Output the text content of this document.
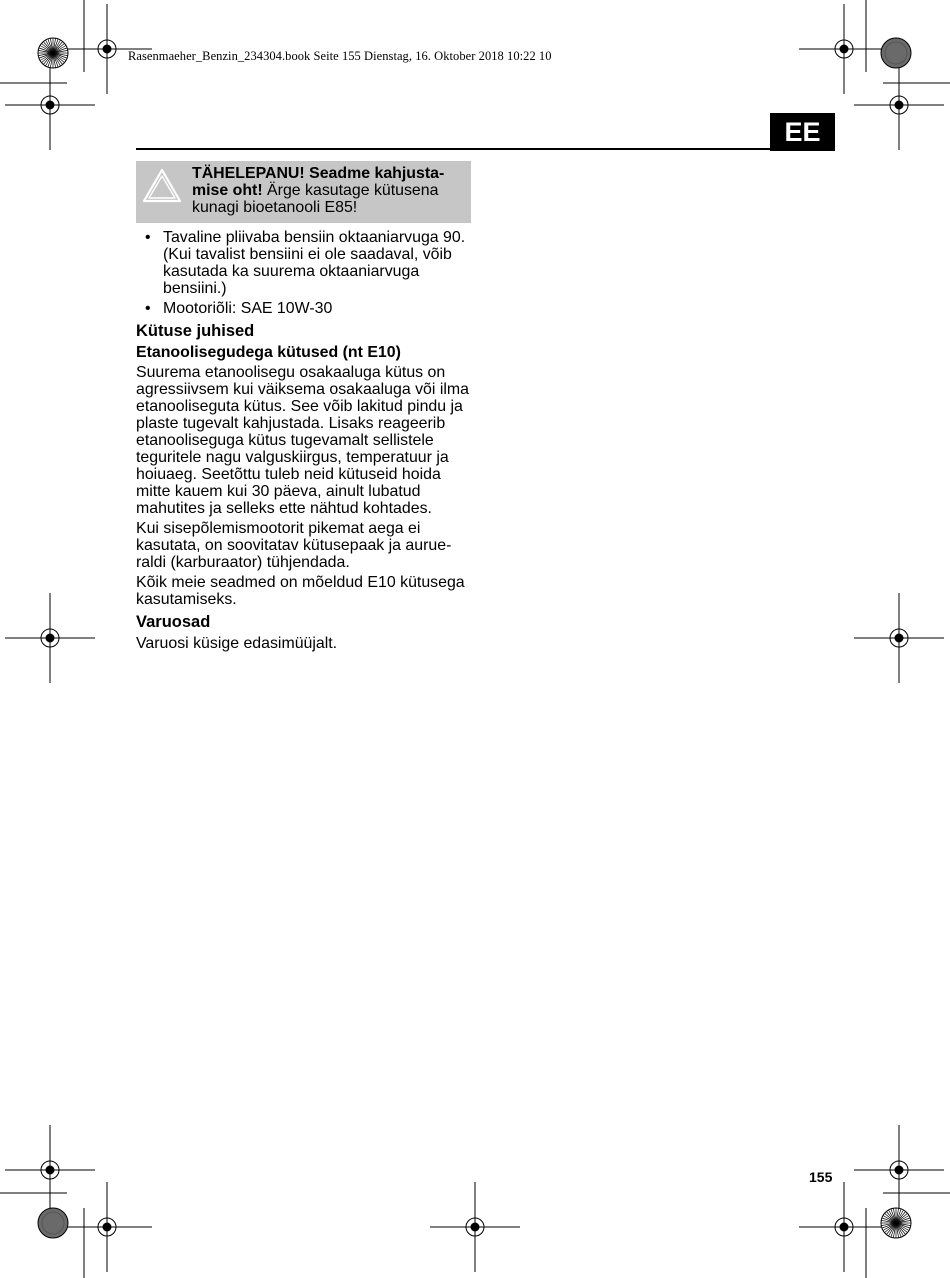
Rasenmaeher_Benzin_234304.book Seite 155 Dienstag, 16. Oktober 2018 10:22 10
EE
TÄHELEPANU! Seadme kahjusta-mise oht! Ärge kasutage kütusena kunagi bioetanooli E85!
• Tavaline pliivaba bensiin oktaaniarvuga 90. (Kui tavalist bensiini ei ole saadaval, võib kasutada ka suurema oktaaniarvuga bensiini.)
• Mootoriõli: SAE 10W-30
Kütuse juhised
Etanoolisegudega kütused (nt E10)

Suurema etanoolisegu osakaaluga kütus on agressiivsem kui väiksema osakaaluga või ilma etanooliseguta kütus. See võib lakitud pindu ja plaste tugevalt kahjustada. Lisaks reageerib etanooliseguga kütus tugevamalt sellistele teguritele nagu valguskiirgus, temperatuur ja hoiuaeg. Seetõttu tuleb neid kütuseid hoida mitte kauem kui 30 päeva, ainult lubatud mahutites ja selleks ette nähtud kohtades.

Kui sisepõlemismootorit pikemat aega ei kasutata, on soovitatav kütusepaak ja aurueraldi (karburaator) tühjendada.

Kõik meie seadmed on mõeldud E10 kütusega kasutamiseks.

Varuosad

Varuosi küsige edasimüüjalt.

155
